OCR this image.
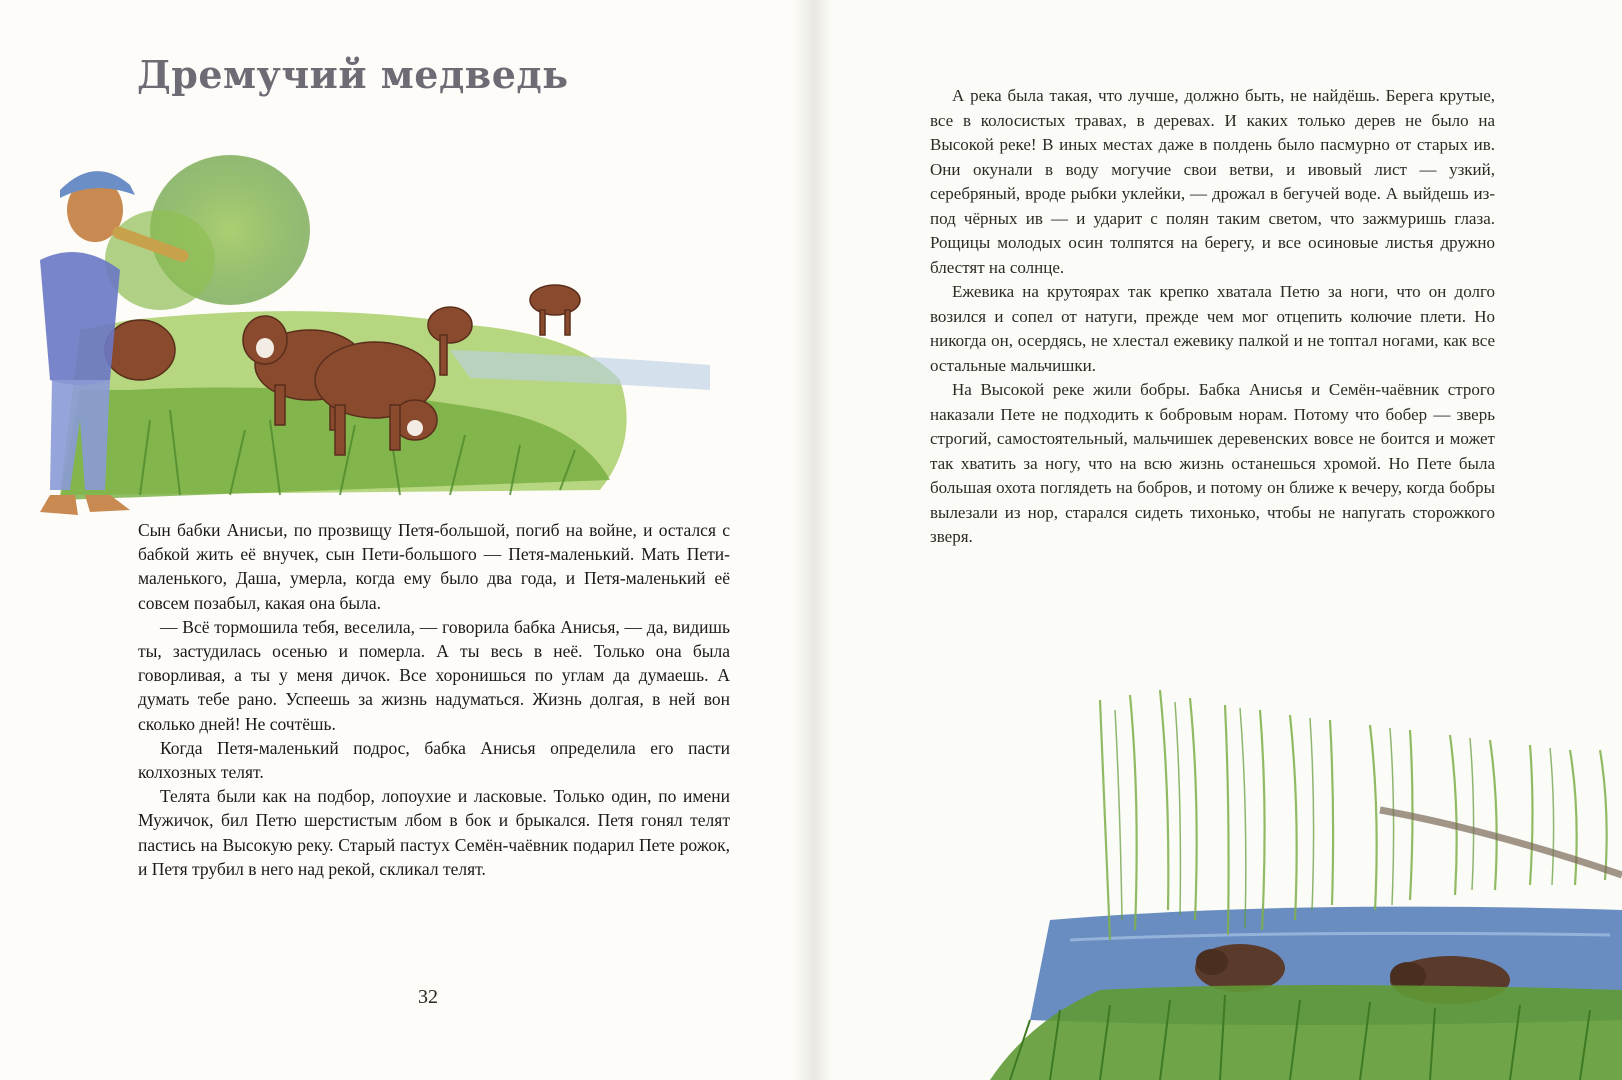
Дремучий медведь

Сын бабки Анисьи, по прозвищу Петя-большой, погиб на войне, и остался с бабкой жить её внучек, сын Пети-большого — Петя-маленький. Мать Пети-маленького, Даша, умерла, когда ему было два года, и Петя-маленький её совсем позабыл, какая она была.

— Всё тормошила тебя, веселила, — говорила бабка Анисья, — да, видишь ты, застудилась осенью и померла. А ты весь в неё. Только она была говорливая, а ты у меня дичок. Все хоронишься по углам да думаешь. А думать тебе рано. Успеешь за жизнь надуматься. Жизнь долгая, в ней вон сколько дней! Не сочтёшь.

Когда Петя-маленький подрос, бабка Анисья определила его пасти колхозных телят.

Телята были как на подбор, лопоухие и ласковые. Только один, по имени Мужичок, бил Петю шерстистым лбом в бок и брыкался. Петя гонял телят пастись на Высокую реку. Старый пастух Семён-чаёвник подарил Пете рожок, и Петя трубил в него над рекой, скликал телят.

32

А река была такая, что лучше, должно быть, не найдёшь. Берега крутые, все в колосистых травах, в деревах. И каких только дерев не было на Высокой реке! В иных местах даже в полдень было пасмурно от старых ив. Они окунали в воду могучие свои ветви, и ивовый лист — узкий, серебряный, вроде рыбки уклейки, — дрожал в бегучей воде. А выйдешь из-под чёрных ив — и ударит с полян таким светом, что зажмуришь глаза. Рощицы молодых осин толпятся на берегу, и все осиновые листья дружно блестят на солнце.

Ежевика на крутоярах так крепко хватала Петю за ноги, что он долго возился и сопел от натуги, прежде чем мог отцепить колючие плети. Но никогда он, осердясь, не хлестал ежевику палкой и не топтал ногами, как все остальные мальчишки.

На Высокой реке жили бобры. Бабка Анисья и Семён-чаёвник строго наказали Пете не подходить к бобровым норам. Потому что бобер — зверь строгий, самостоятельный, мальчишек деревенских вовсе не боится и может так хватить за ногу, что на всю жизнь останешься хромой. Но Пете была большая охота поглядеть на бобров, и потому он ближе к вечеру, когда бобры вылезали из нор, старался сидеть тихонько, чтобы не напугать сторожкого зверя.
